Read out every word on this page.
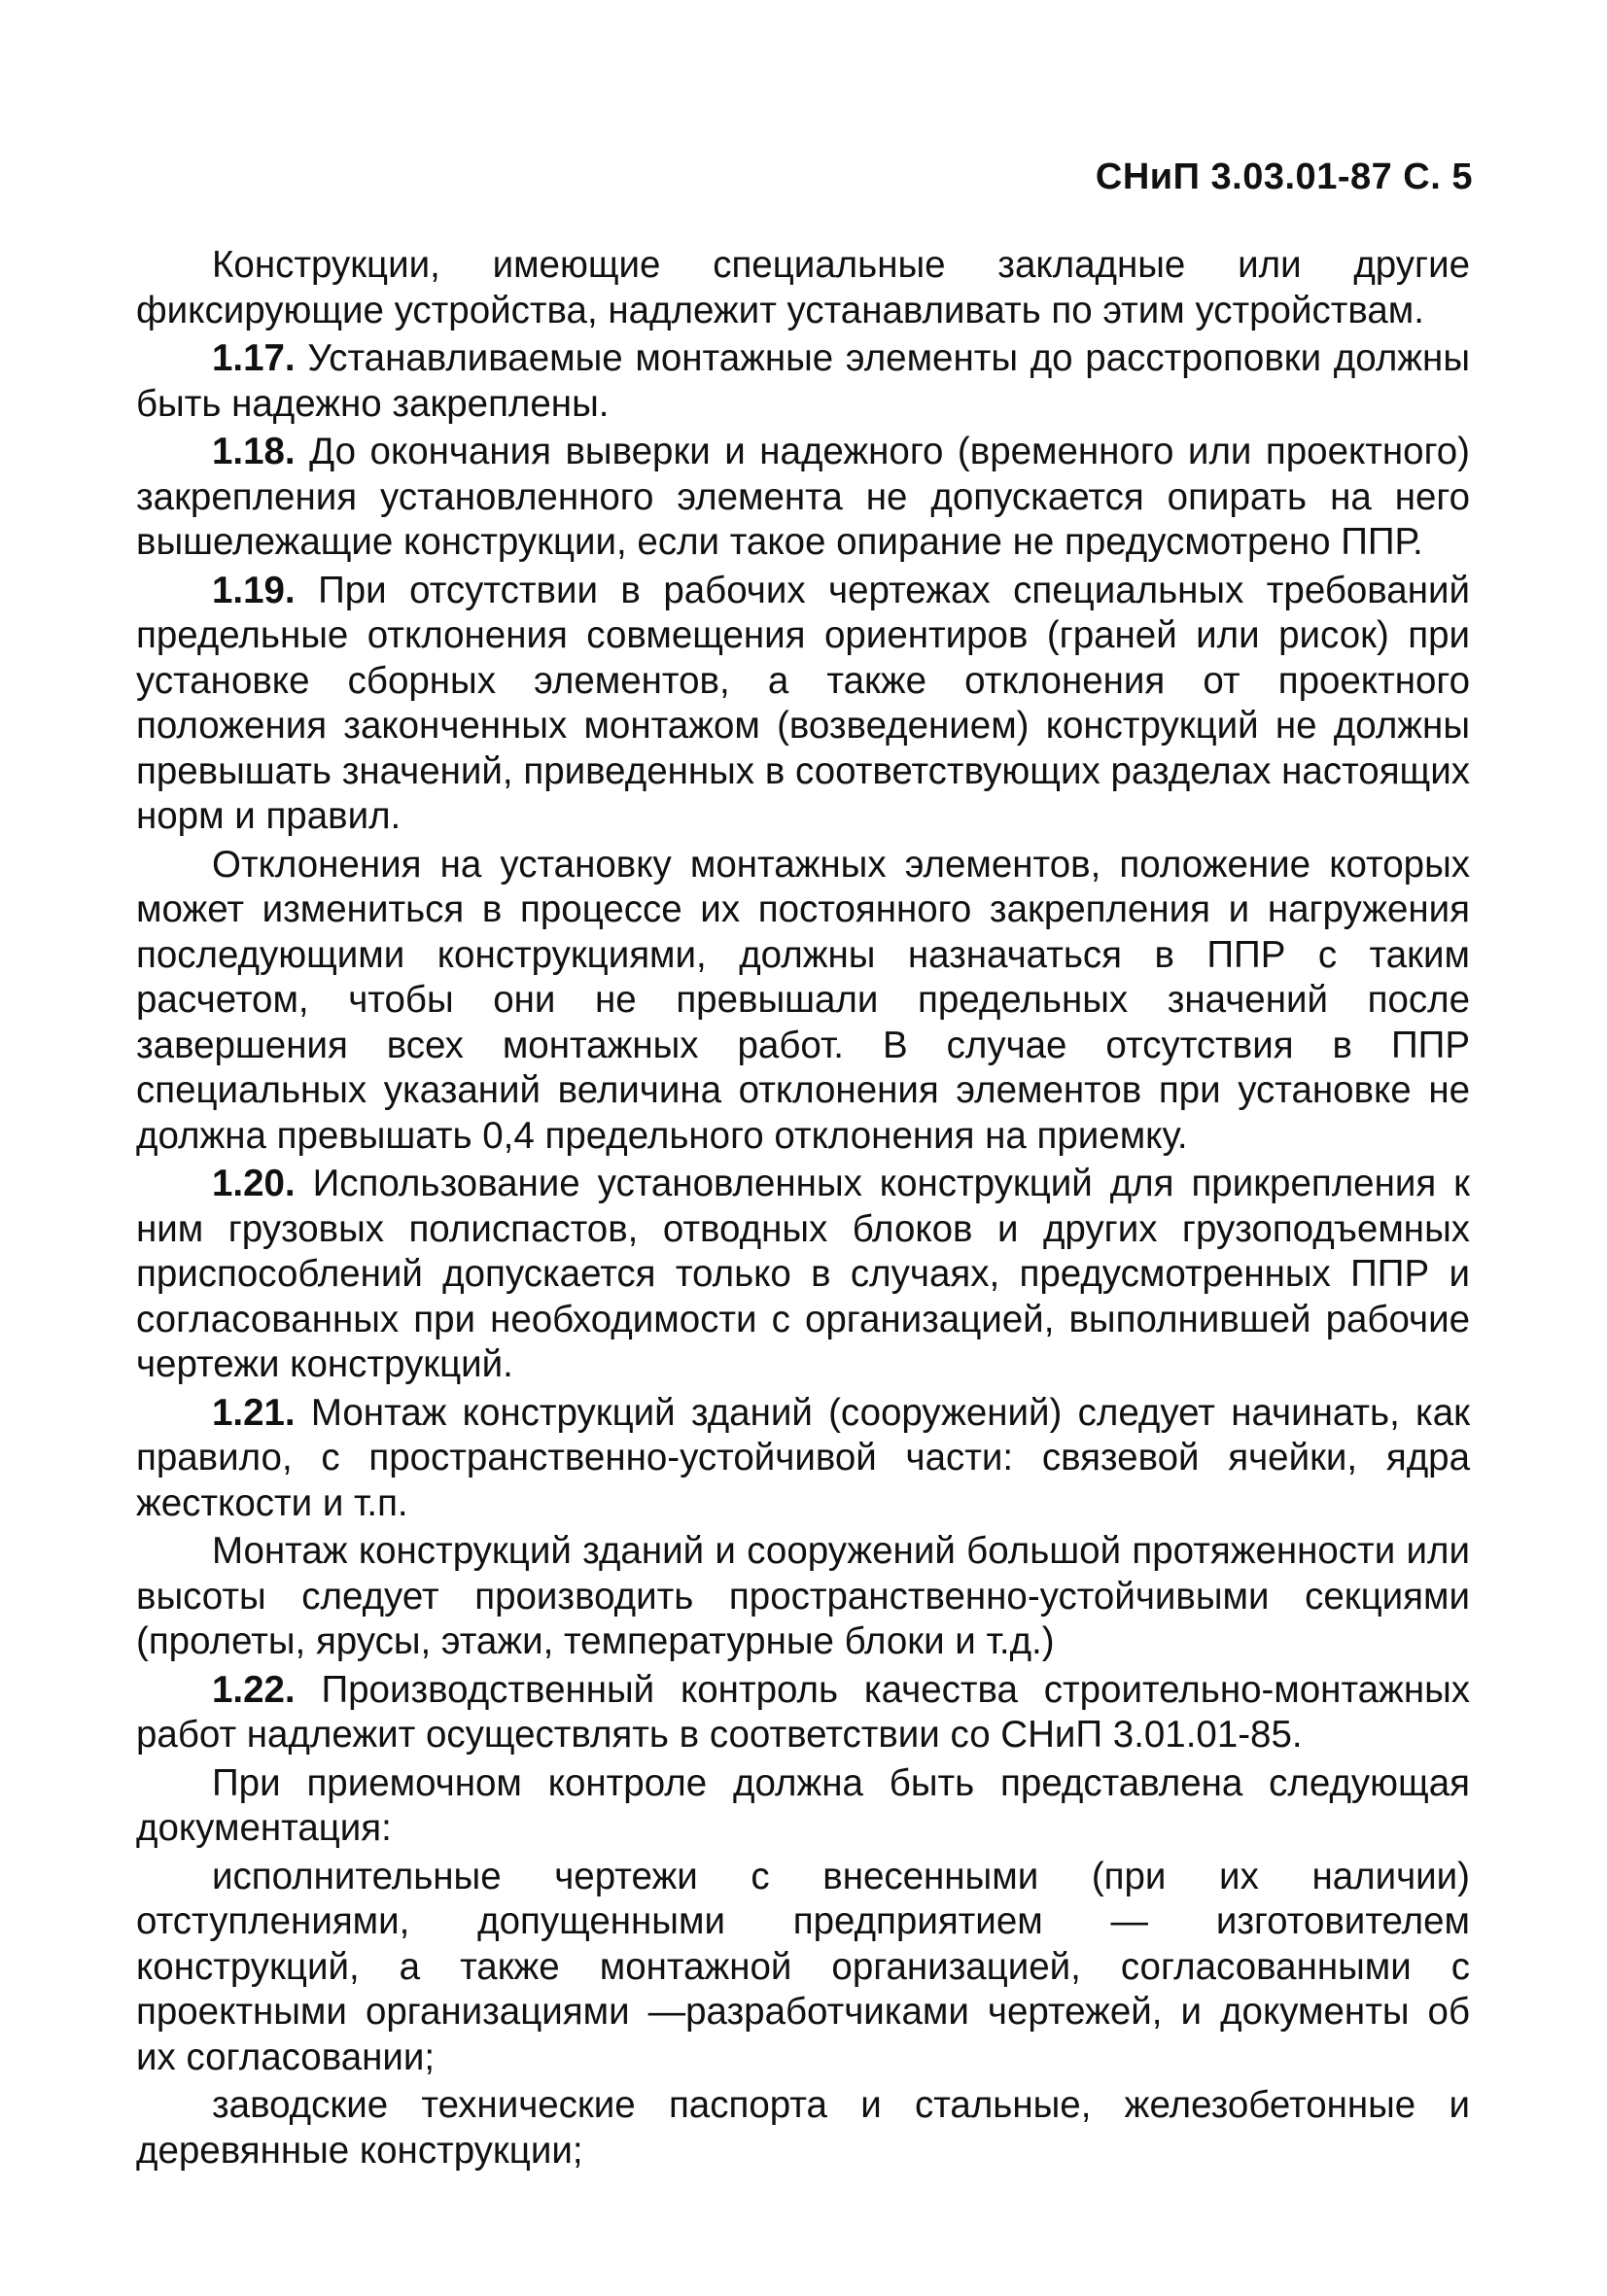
СНиП 3.03.01-87 С. 5

Конструкции, имеющие специальные закладные или другие фиксирующие устройства, надлежит устанавливать по этим устройствам.

1.17. Устанавливаемые монтажные элементы до расстроповки должны быть надежно закреплены.

1.18. До окончания выверки и надежного (временного или проектного) закрепления установленного элемента не допускается опирать на него вышележащие конструкции, если такое опирание не предусмотрено ППР.

1.19. При отсутствии в рабочих чертежах специальных требований предельные отклонения совмещения ориентиров (граней или рисок) при установке сборных элементов, а также отклонения от проектного положения законченных монтажом (возведением) конструкций не должны превышать значений, приведенных в соответствующих разделах настоящих норм и правил.

Отклонения на установку монтажных элементов, положение которых может измениться в процессе их постоянного закрепления и нагружения последующими конструкциями, должны назначаться в ППР с таким расчетом, чтобы они не превышали предельных значений после завершения всех монтажных работ. В случае отсутствия в ППР специальных указаний величина отклонения элементов при установке не должна превышать 0,4 предельного отклонения на приемку.

1.20. Использование установленных конструкций для прикрепления к ним грузовых полиспастов, отводных блоков и других грузоподъемных приспособлений допускается только в случаях, предусмотренных ППР и согласованных при необходимости с организацией, выполнившей рабочие чертежи конструкций.

1.21. Монтаж конструкций зданий (сооружений) следует начинать, как правило, с пространственно-устойчивой части: связевой ячейки, ядра жесткости и т.п.

Монтаж конструкций зданий и сооружений большой протяженности или высоты следует производить пространственно-устойчивыми секциями (пролеты, ярусы, этажи, температурные блоки и т.д.)

1.22. Производственный контроль качества строительно-монтажных работ надлежит осуществлять в соответствии со СНиП 3.01.01-85.

При приемочном контроле должна быть представлена следующая документация:

исполнительные чертежи с внесенными (при их наличии) отступлениями, допущенными предприятием — изготовителем конструкций, а также монтажной организацией, согласованными с проектными организациями —разработчиками чертежей, и документы об их согласовании;

заводские технические паспорта и стальные, железобетонные и деревянные конструкции;
